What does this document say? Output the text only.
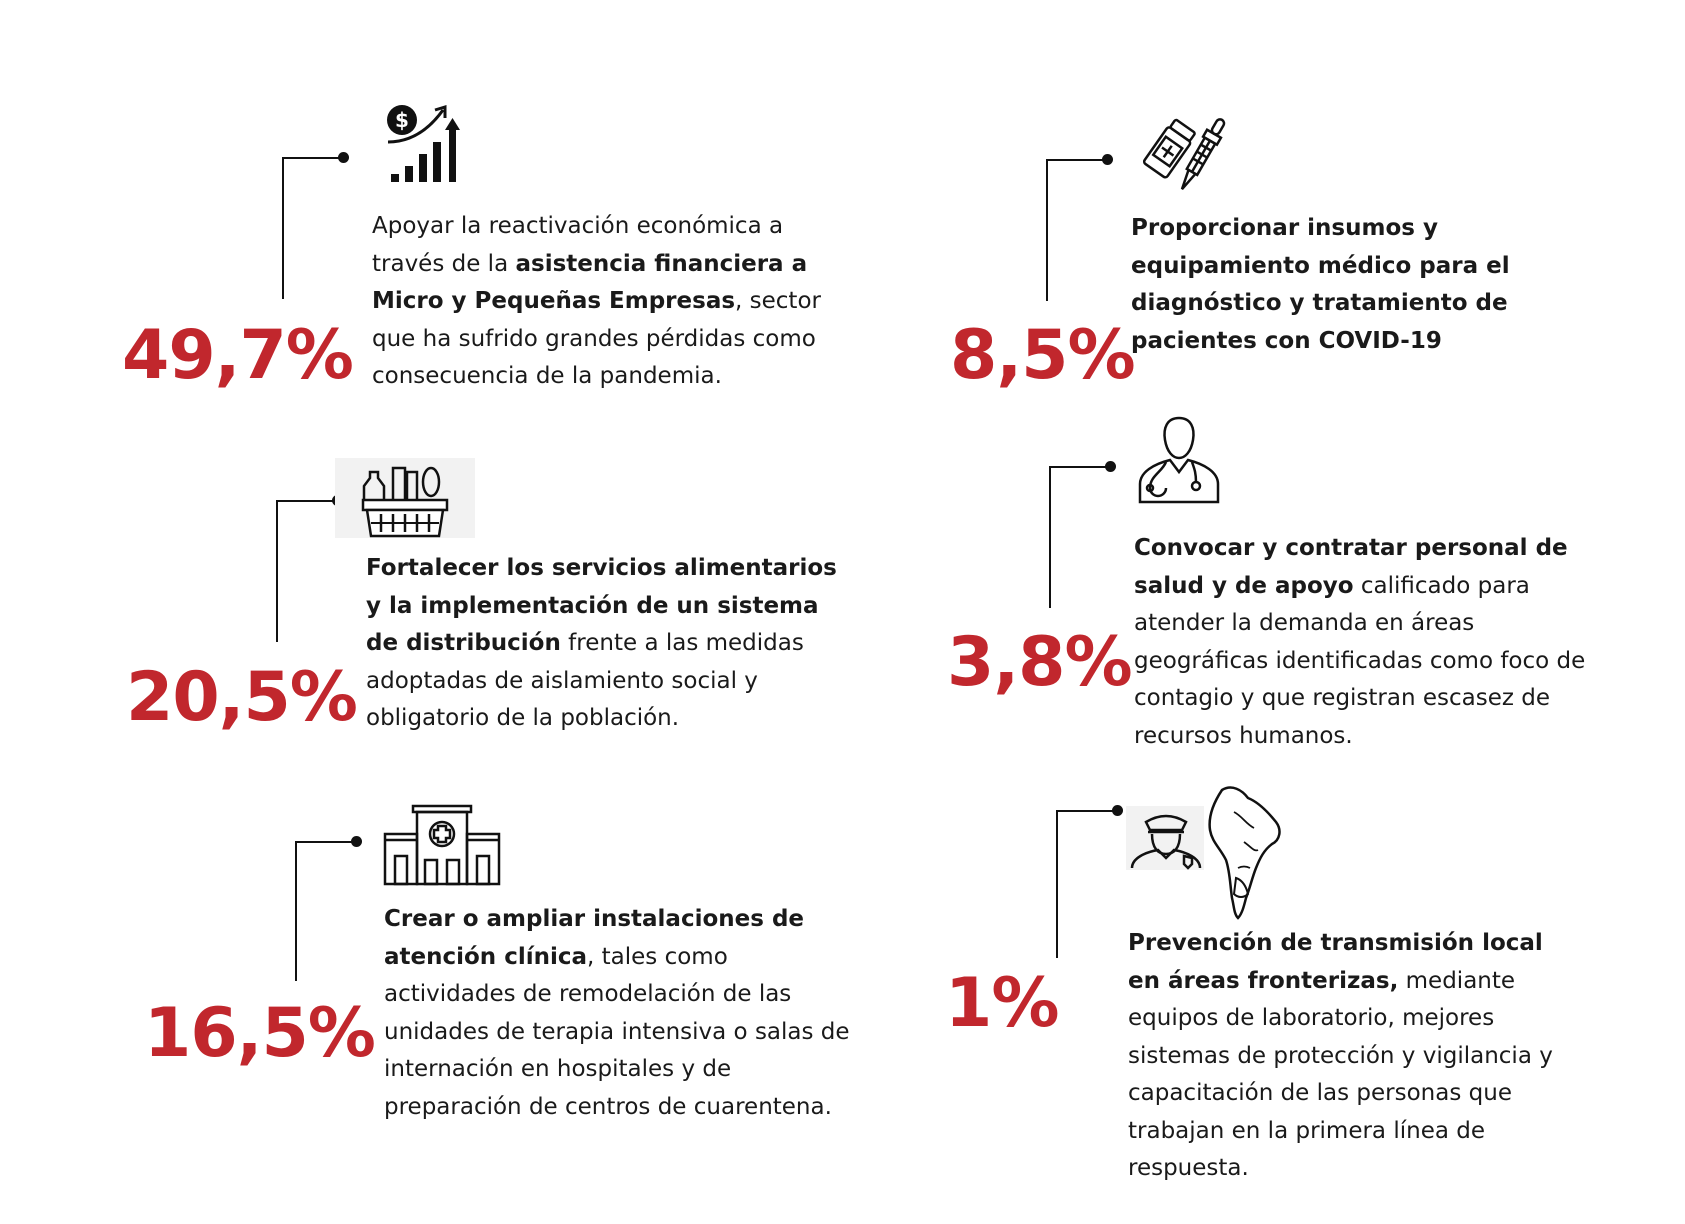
$
49,7%
Apoyar la reactivación económica a través de la asistencia financiera a Micro y Pequeñas Empresas, sector que ha sufrido grandes pérdidas como consecuencia de la pandemia.
20,5%
Fortalecer los servicios alimentarios y la implementación de un sistema de distribución frente a las medidas adoptadas de aislamiento social y obligatorio de la población.
16,5%
Crear o ampliar instalaciones de atención clínica, tales como actividades de remodelación de las unidades de terapia intensiva o salas de internación en hospitales y de preparación de centros de cuarentena.
8,5%
Proporcionar insumos y equipamiento médico para el diagnóstico y tratamiento de pacientes con COVID-19
3,8%
Convocar y contratar personal de salud y de apoyo calificado para atender la demanda en áreas geográficas identificadas como foco de contagio y que registran escasez de recursos humanos.
1%
Prevención de transmisión local en áreas fronterizas, mediante equipos de laboratorio, mejores sistemas de protección y vigilancia y capacitación de las personas que trabajan en la primera línea de respuesta.
